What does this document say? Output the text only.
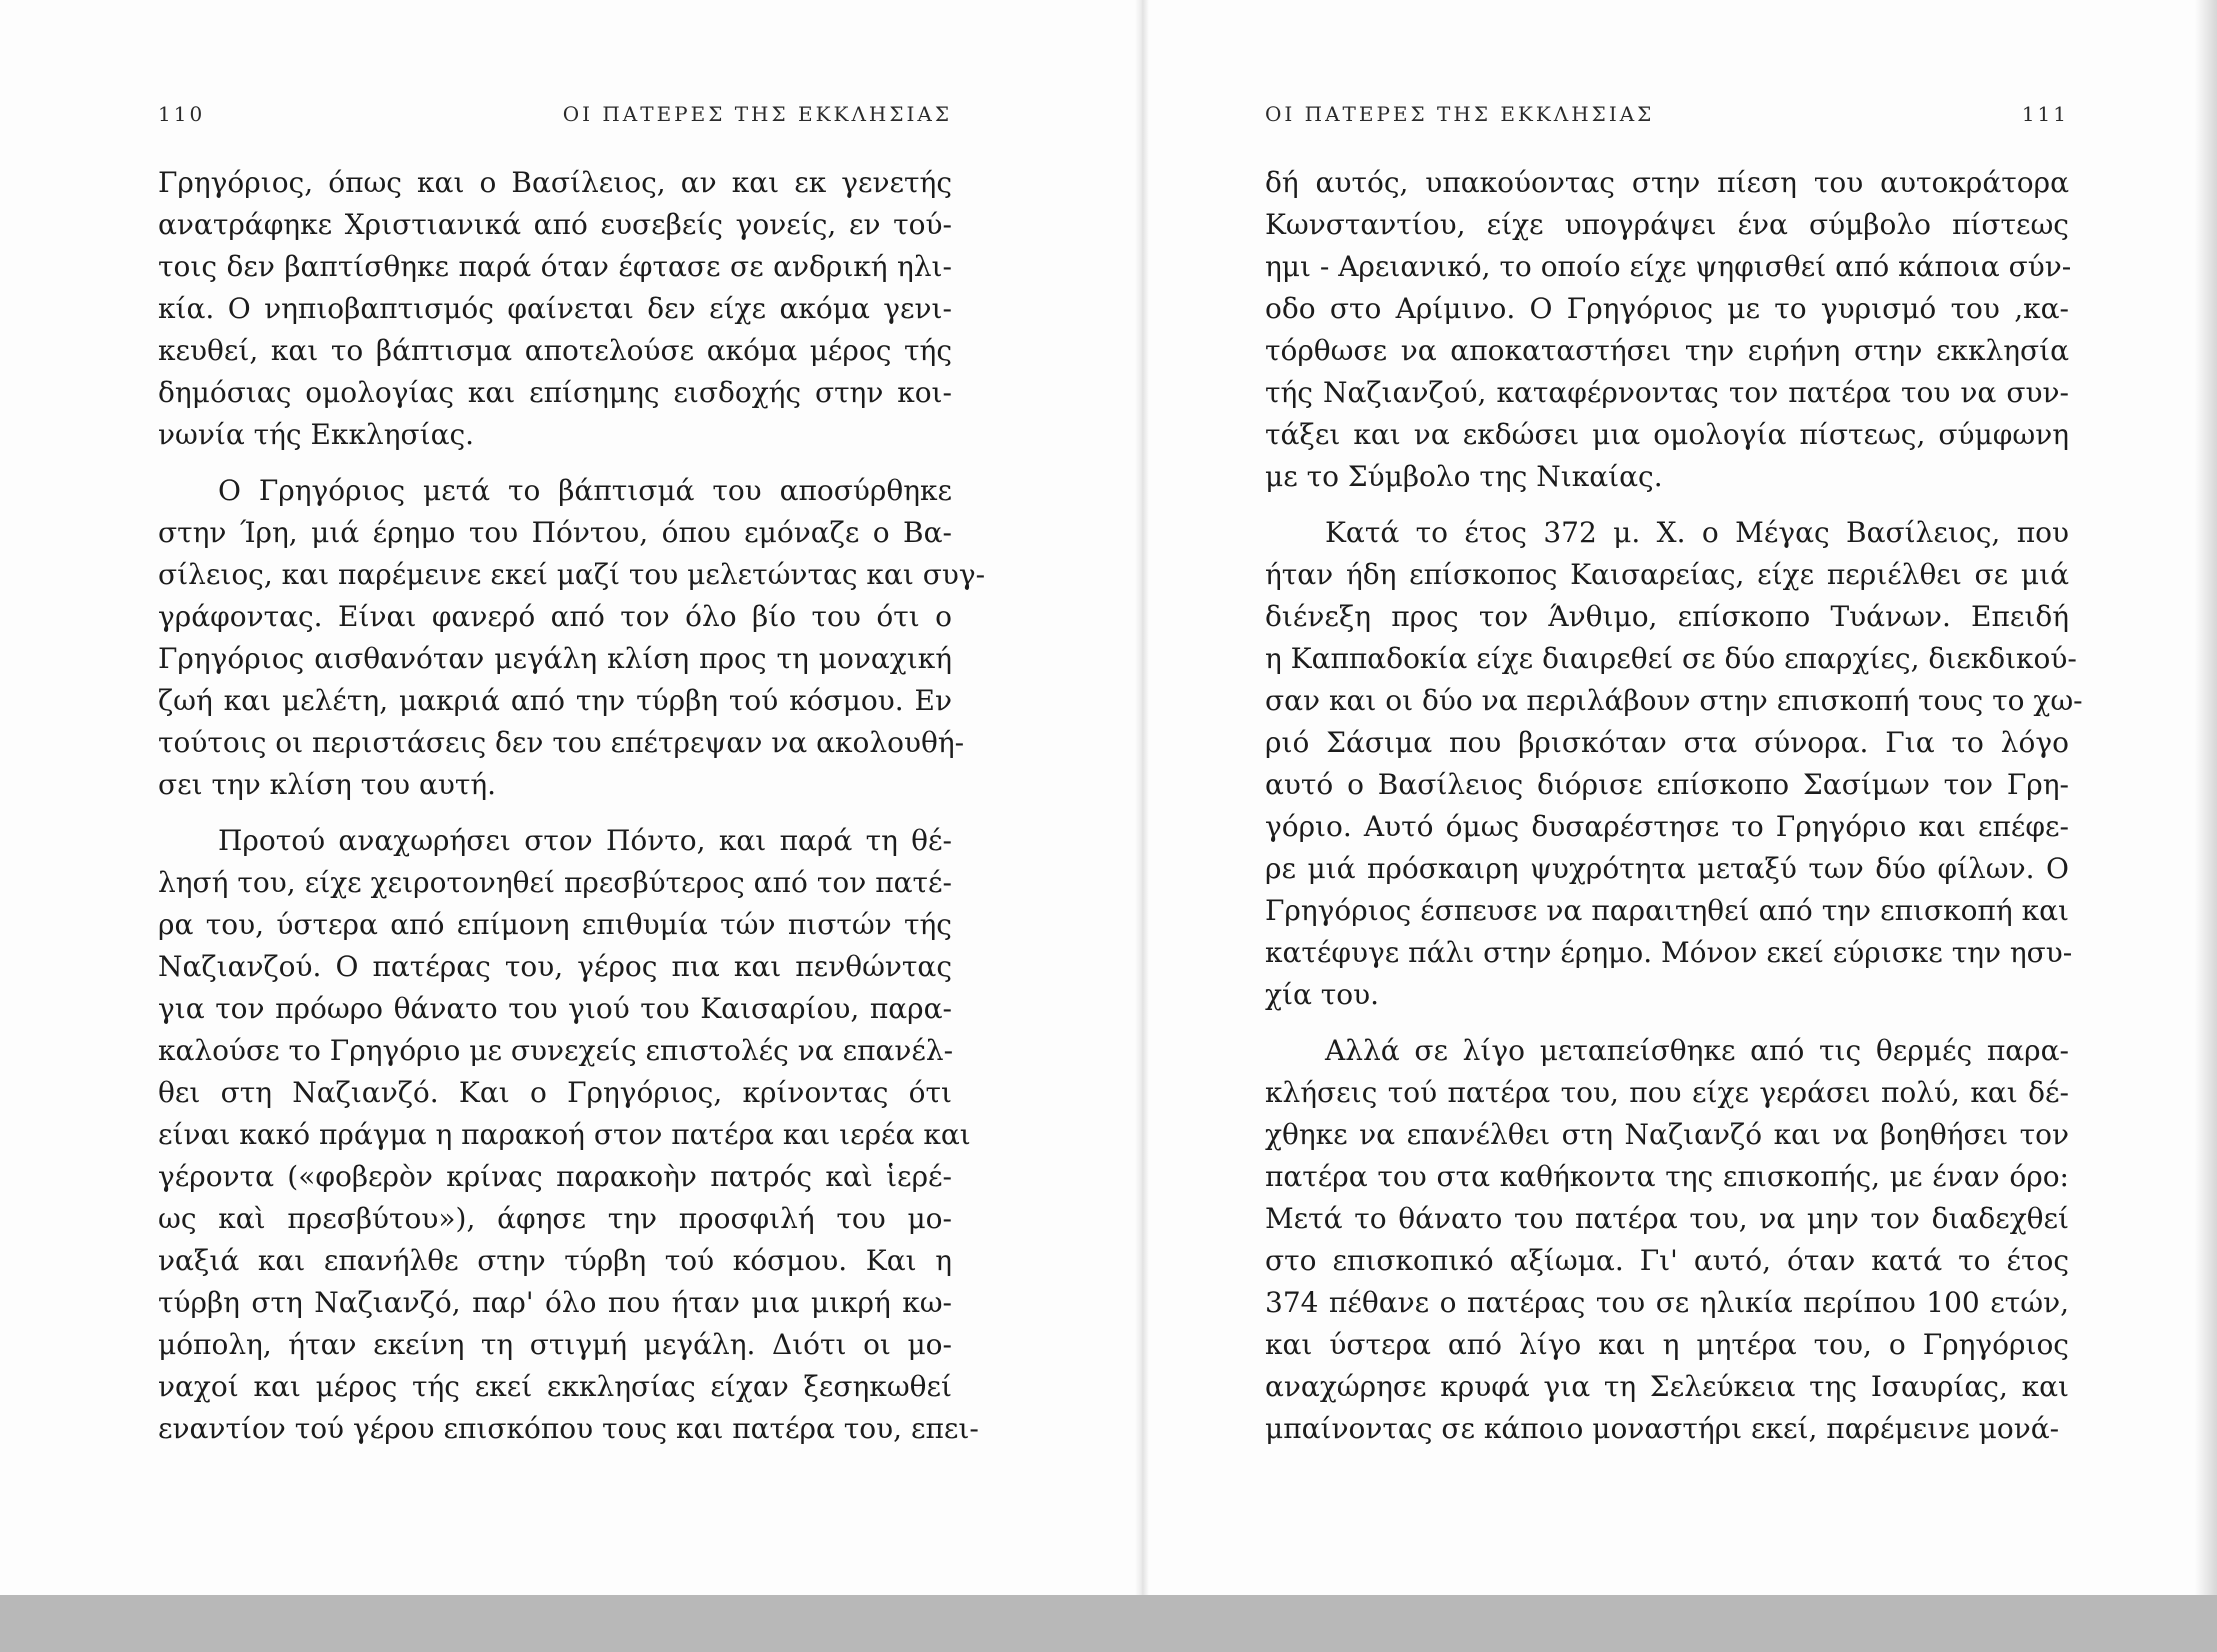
110	ΟΙ ΠΑΤΕΡΕΣ ΤΗΣ ΕΚΚΛΗΣΙΑΣ
Γρηγόριος, όπως και ο Βασίλειος, αν και εκ γενετής
ανατράφηκε Χριστιανικά από ευσεβείς γονείς, εν τού-
τοις δεν βαπτίσθηκε παρά όταν έφτασε σε ανδρική ηλι-
κία. Ο νηπιοβαπτισμός φαίνεται δεν είχε ακόμα γενι-
κευθεί, και το βάπτισμα αποτελούσε ακόμα μέρος τής
δημόσιας ομολογίας και επίσημης εισδοχής στην κοι-
νωνία τής Εκκλησίας.
Ο Γρηγόριος μετά το βάπτισμά του αποσύρθηκε
στην Ίρη, μιά έρημο του Πόντου, όπου εμόναζε ο Βα-
σίλειος, και παρέμεινε εκεί μαζί του μελετώντας και συγ-
γράφοντας. Είναι φανερό από τον όλο βίο του ότι ο
Γρηγόριος αισθανόταν μεγάλη κλίση προς τη μοναχική
ζωή και μελέτη, μακριά από την τύρβη τού κόσμου. Εν
τούτοις οι περιστάσεις δεν του επέτρεψαν να ακολουθή-
σει την κλίση του αυτή.
Προτού αναχωρήσει στον Πόντο, και παρά τη θέ-
λησή του, είχε χειροτονηθεί πρεσβύτερος από τον πατέ-
ρα του, ύστερα από επίμονη επιθυμία τών πιστών τής
Ναζιανζού. Ο πατέρας του, γέρος πια και πενθώντας
για τον πρόωρο θάνατο του γιού του Καισαρίου, παρα-
καλούσε το Γρηγόριο με συνεχείς επιστολές να επανέλ-
θει στη Ναζιανζό. Και ο Γρηγόριος, κρίνοντας ότι
είναι κακό πράγμα η παρακοή στον πατέρα και ιερέα και
γέροντα («φοβερὸν κρίνας παρακοὴν πατρός καὶ ἱερέ-
ως καὶ πρεσβύτου»), άφησε την προσφιλή του μο-
ναξιά και επανήλθε στην τύρβη τού κόσμου. Και η
τύρβη στη Ναζιανζό, παρ' όλο που ήταν μια μικρή κω-
μόπολη, ήταν εκείνη τη στιγμή μεγάλη. Διότι οι μο-
ναχοί και μέρος τής εκεί εκκλησίας είχαν ξεσηκωθεί
εναντίον τού γέρου επισκόπου τους και πατέρα του, επει-
ΟΙ ΠΑΤΕΡΕΣ ΤΗΣ ΕΚΚΛΗΣΙΑΣ	111
δή αυτός, υπακούοντας στην πίεση του αυτοκράτορα
Κωνσταντίου, είχε υπογράψει ένα σύμβολο πίστεως
ημι - Αρειανικό, το οποίο είχε ψηφισθεί από κάποια σύν-
οδο στο Αρίμινο. Ο Γρηγόριος με το γυρισμό του ,κα-
τόρθωσε να αποκαταστήσει την ειρήνη στην εκκλησία
τής Ναζιανζού, καταφέρνοντας τον πατέρα του να συν-
τάξει και να εκδώσει μια ομολογία πίστεως, σύμφωνη
με το Σύμβολο της Νικαίας.
Κατά το έτος 372 μ. Χ. ο Μέγας Βασίλειος, που
ήταν ήδη επίσκοπος Καισαρείας, είχε περιέλθει σε μιά
διένεξη προς τον Άνθιμο, επίσκοπο Τυάνων. Επειδή
η Καππαδοκία είχε διαιρεθεί σε δύο επαρχίες, διεκδικού-
σαν και οι δύο να περιλάβουν στην επισκοπή τους το χω-
ριό Σάσιμα που βρισκόταν στα σύνορα. Για το λόγο
αυτό ο Βασίλειος διόρισε επίσκοπο Σασίμων τον Γρη-
γόριο. Αυτό όμως δυσαρέστησε το Γρηγόριο και επέφε-
ρε μιά πρόσκαιρη ψυχρότητα μεταξύ των δύο φίλων. Ο
Γρηγόριος έσπευσε να παραιτηθεί από την επισκοπή και
κατέφυγε πάλι στην έρημο. Μόνον εκεί εύρισκε την ησυ-
χία του.
Αλλά σε λίγο μεταπείσθηκε από τις θερμές παρα-
κλήσεις τού πατέρα του, που είχε γεράσει πολύ, και δέ-
χθηκε να επανέλθει στη Ναζιανζό και να βοηθήσει τον
πατέρα του στα καθήκοντα της επισκοπής, με έναν όρο:
Μετά το θάνατο του πατέρα του, να μην τον διαδεχθεί
στο επισκοπικό αξίωμα. Γι' αυτό, όταν κατά το έτος
374 πέθανε ο πατέρας του σε ηλικία περίπου 100 ετών,
και ύστερα από λίγο και η μητέρα του, ο Γρηγόριος
αναχώρησε κρυφά για τη Σελεύκεια της Ισαυρίας, και
μπαίνοντας σε κάποιο μοναστήρι εκεί, παρέμεινε μονά-
